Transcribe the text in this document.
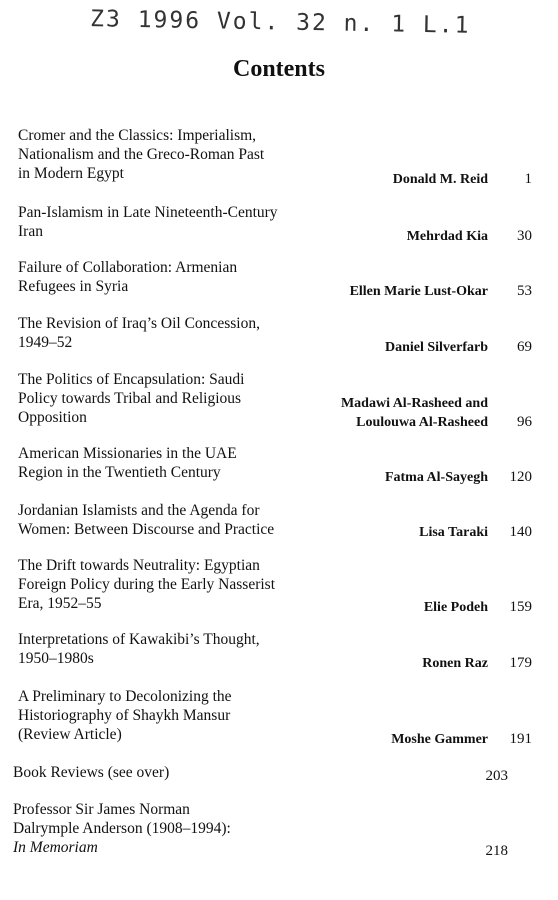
Z3 1996 Vol. 32 n. 1 L.1
Contents
Cromer and the Classics: Imperialism,
Nationalism and the Greco-Roman Past
in Modern Egypt	Donald M. Reid	1
Pan-Islamism in Late Nineteenth-Century
Iran	Mehrdad Kia	30
Failure of Collaboration: Armenian
Refugees in Syria	Ellen Marie Lust-Okar	53
The Revision of Iraq’s Oil Concession,
1949–52	Daniel Silverfarb	69
The Politics of Encapsulation: Saudi
Policy towards Tribal and Religious
Opposition
Madawi Al-Rasheed and
Loulouwa Al-Rasheed	96
American Missionaries in the UAE
Region in the Twentieth Century	Fatma Al-Sayegh	120
Jordanian Islamists and the Agenda for
Women: Between Discourse and Practice	Lisa Taraki	140
The Drift towards Neutrality: Egyptian
Foreign Policy during the Early Nasserist
Era, 1952–55	Elie Podeh	159
Interpretations of Kawakibi’s Thought,
1950–1980s	Ronen Raz	179
A Preliminary to Decolonizing the
Historiography of Shaykh Mansur
(Review Article)	Moshe Gammer	191
Book Reviews (see over)	203
Professor Sir James Norman
Dalrymple Anderson (1908–1994):
In Memoriam	218
